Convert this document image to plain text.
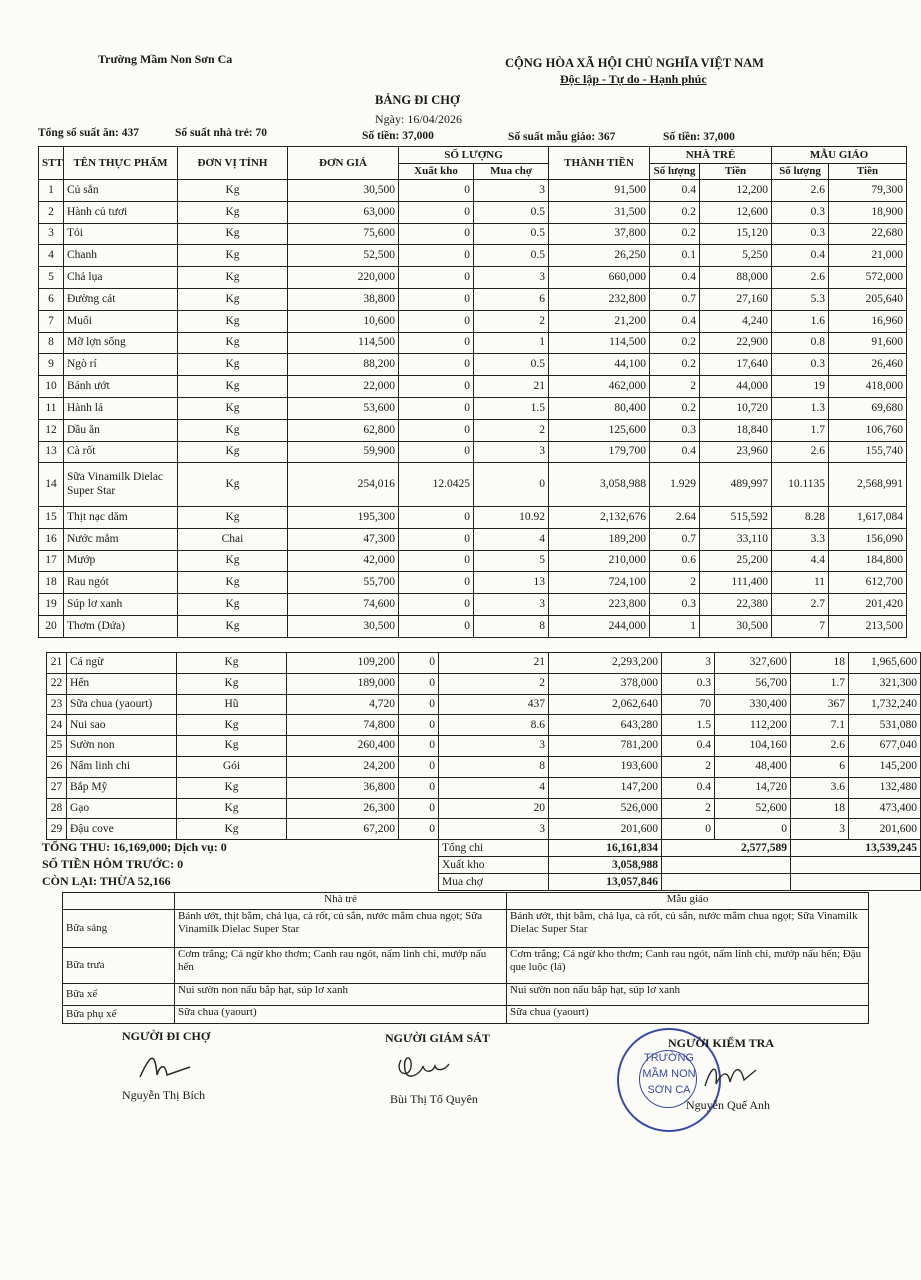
Trường Mầm Non Sơn Ca	CỘNG HÒA XÃ HỘI CHỦ NGHĨA VIỆT NAM
Độc lập - Tự do - Hạnh phúc
BẢNG ĐI CHỢ
Ngày: 16/04/2026
Tổng số suất ăn: 437	Số suất nhà trẻ: 70	Số tiền: 37,000	Số suất mẫu giáo: 367	Số tiền: 37,000
STT	TÊN THỰC PHẨM	ĐƠN VỊ TÍNH	ĐƠN GIÁ	SỐ LƯỢNG		THÀNH TIỀN	NHÀ TRẺ		MẪU GIÁO	
				Xuất kho	Mua chợ		Số lượng	Tiền	Số lượng	Tiền
1	Củ sắn	Kg	30,500	0	3	91,500	0.4	12,200	2.6	79,300
2	Hành củ tươi	Kg	63,000	0	0.5	31,500	0.2	12,600	0.3	18,900
3	Tỏi	Kg	75,600	0	0.5	37,800	0.2	15,120	0.3	22,680
4	Chanh	Kg	52,500	0	0.5	26,250	0.1	5,250	0.4	21,000
5	Chả lụa	Kg	220,000	0	3	660,000	0.4	88,000	2.6	572,000
6	Đường cát	Kg	38,800	0	6	232,800	0.7	27,160	5.3	205,640
7	Muối	Kg	10,600	0	2	21,200	0.4	4,240	1.6	16,960
8	Mỡ lợn sống	Kg	114,500	0	1	114,500	0.2	22,900	0.8	91,600
9	Ngò rí	Kg	88,200	0	0.5	44,100	0.2	17,640	0.3	26,460
10	Bánh ướt	Kg	22,000	0	21	462,000	2	44,000	19	418,000
11	Hành lá	Kg	53,600	0	1.5	80,400	0.2	10,720	1.3	69,680
12	Dầu ăn	Kg	62,800	0	2	125,600	0.3	18,840	1.7	106,760
13	Cà rốt	Kg	59,900	0	3	179,700	0.4	23,960	2.6	155,740
14	Sữa Vinamilk Dielac Super Star	Kg	254,016	12.0425	0	3,058,988	1.929	489,997	10.1135	2,568,991
15	Thịt nạc dăm	Kg	195,300	0	10.92	2,132,676	2.64	515,592	8.28	1,617,084
16	Nước mắm	Chai	47,300	0	4	189,200	0.7	33,110	3.3	156,090
17	Mướp	Kg	42,000	0	5	210,000	0.6	25,200	4.4	184,800
18	Rau ngót	Kg	55,700	0	13	724,100	2	111,400	11	612,700
19	Súp lơ xanh	Kg	74,600	0	3	223,800	0.3	22,380	2.7	201,420
20	Thơm (Dứa)	Kg	30,500	0	8	244,000	1	30,500	7	213,500
21	Cá ngừ	Kg	109,200	0	21	2,293,200	3	327,600	18	1,965,600
22	Hến	Kg	189,000	0	2	378,000	0.3	56,700	1.7	321,300
23	Sữa chua (yaourt)	Hũ	4,720	0	437	2,062,640	70	330,400	367	1,732,240
24	Nui sao	Kg	74,800	0	8.6	643,280	1.5	112,200	7.1	531,080
25	Sườn non	Kg	260,400	0	3	781,200	0.4	104,160	2.6	677,040
26	Nấm linh chi	Gói	24,200	0	8	193,600	2	48,400	6	145,200
27	Bắp Mỹ	Kg	36,800	0	4	147,200	0.4	14,720	3.6	132,480
28	Gạo	Kg	26,300	0	20	526,000	2	52,600	18	473,400
29	Đậu cove	Kg	67,200	0	3	201,600	0	0	3	201,600
					Tổng chi	16,161,834	2,577,589		13,539,245	
					Xuất kho	3,058,988				
					Mua chợ	13,057,846				
TỔNG THU: 16,169,000; Dịch vụ: 0
SỐ TIỀN HÔM TRƯỚC: 0
CÒN LẠI: THỪA 52,166
	Nhà trẻ	Mẫu giáo
Bữa sáng	Bánh ướt, thịt bằm, chả lụa, cà rốt, củ sắn, nước mắm chua ngọt; Sữa Vinamilk Dielac Super Star	Bánh ướt, thịt bằm, chả lụa, cà rốt, củ sắn, nước mắm chua ngọt; Sữa Vinamilk Dielac Super Star
Bữa trưa	Cơm trắng; Cá ngừ kho thơm; Canh rau ngót, nấm linh chi, mướp nấu hến	Cơm trắng; Cá ngừ kho thơm; Canh rau ngót, nấm linh chi, mướp nấu hến; Đậu que luộc (lá)
Bữa xế	Nui sườn non nấu bắp hạt, súp lơ xanh	Nui sườn non nấu bắp hạt, súp lơ xanh
Bữa phụ xế	Sữa chua (yaourt)	Sữa chua (yaourt)
NGƯỜI ĐI CHỢ
Nguyễn Thị Bích
NGƯỜI GIÁM SÁT
Bùi Thị Tố Quyên
TRƯỜNG
MẦM NON
SƠN CA
NGƯỜI KIỂM TRA
Nguyễn Quế Anh
